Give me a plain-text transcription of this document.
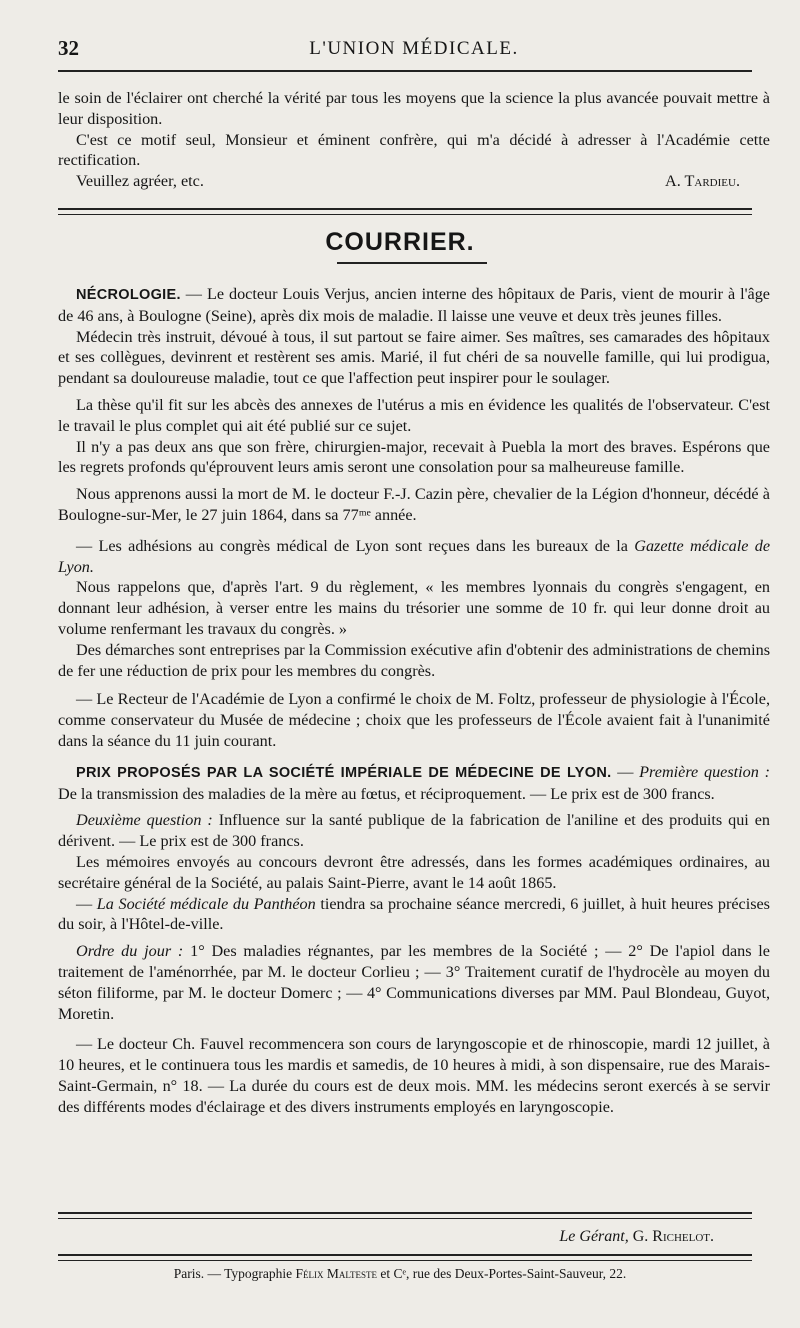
32	L'UNION MÉDICALE.

le soin de l'éclairer ont cherché la vérité par tous les moyens que la science la plus avancée pouvait mettre à leur disposition.

C'est ce motif seul, Monsieur et éminent confrère, qui m'a décidé à adresser à l'Académie cette rectification.

Veuillez agréer, etc.	A. Tardieu.

COURRIER.

NÉCROLOGIE. — Le docteur Louis Verjus, ancien interne des hôpitaux de Paris, vient de mourir à l'âge de 46 ans, à Boulogne (Seine), après dix mois de maladie. Il laisse une veuve et deux très jeunes filles.

Médecin très instruit, dévoué à tous, il sut partout se faire aimer. Ses maîtres, ses camarades des hôpitaux et ses collègues, devinrent et restèrent ses amis. Marié, il fut chéri de sa nouvelle famille, qui lui prodigua, pendant sa douloureuse maladie, tout ce que l'affection peut inspirer pour le soulager.

La thèse qu'il fit sur les abcès des annexes de l'utérus a mis en évidence les qualités de l'observateur. C'est le travail le plus complet qui ait été publié sur ce sujet.

Il n'y a pas deux ans que son frère, chirurgien-major, recevait à Puebla la mort des braves. Espérons que les regrets profonds qu'éprouvent leurs amis seront une consolation pour sa malheureuse famille.

Nous apprenons aussi la mort de M. le docteur F.-J. Cazin père, chevalier de la Légion d'honneur, décédé à Boulogne-sur-Mer, le 27 juin 1864, dans sa 77ᵐᵉ année.

— Les adhésions au congrès médical de Lyon sont reçues dans les bureaux de la Gazette médicale de Lyon.

Nous rappelons que, d'après l'art. 9 du règlement, « les membres lyonnais du congrès s'engagent, en donnant leur adhésion, à verser entre les mains du trésorier une somme de 10 fr. qui leur donne droit au volume renfermant les travaux du congrès. »

Des démarches sont entreprises par la Commission exécutive afin d'obtenir des administrations de chemins de fer une réduction de prix pour les membres du congrès.

— Le Recteur de l'Académie de Lyon a confirmé le choix de M. Foltz, professeur de physiologie à l'École, comme conservateur du Musée de médecine ; choix que les professeurs de l'École avaient fait à l'unanimité dans la séance du 11 juin courant.

PRIX PROPOSÉS PAR LA SOCIÉTÉ IMPÉRIALE DE MÉDECINE DE LYON. — Première question : De la transmission des maladies de la mère au fœtus, et réciproquement. — Le prix est de 300 francs.

Deuxième question : Influence sur la santé publique de la fabrication de l'aniline et des produits qui en dérivent. — Le prix est de 300 francs.

Les mémoires envoyés au concours devront être adressés, dans les formes académiques ordinaires, au secrétaire général de la Société, au palais Saint-Pierre, avant le 14 août 1865.

— La Société médicale du Panthéon tiendra sa prochaine séance mercredi, 6 juillet, à huit heures précises du soir, à l'Hôtel-de-ville.

Ordre du jour : 1° Des maladies régnantes, par les membres de la Société ; — 2° De l'apiol dans le traitement de l'aménorrhée, par M. le docteur Corlieu ; — 3° Traitement curatif de l'hydrocèle au moyen du séton filiforme, par M. le docteur Domerc ; — 4° Communications diverses par MM. Paul Blondeau, Guyot, Moretin.

— Le docteur Ch. Fauvel recommencera son cours de laryngoscopie et de rhinoscopie, mardi 12 juillet, à 10 heures, et le continuera tous les mardis et samedis, de 10 heures à midi, à son dispensaire, rue des Marais-Saint-Germain, n° 18. — La durée du cours est de deux mois. MM. les médecins seront exercés à se servir des différents modes d'éclairage et des divers instruments employés en laryngoscopie.

Le Gérant, G. Richelot.
Paris. — Typographie Félix Malteste et Cᵉ, rue des Deux-Portes-Saint-Sauveur, 22.
